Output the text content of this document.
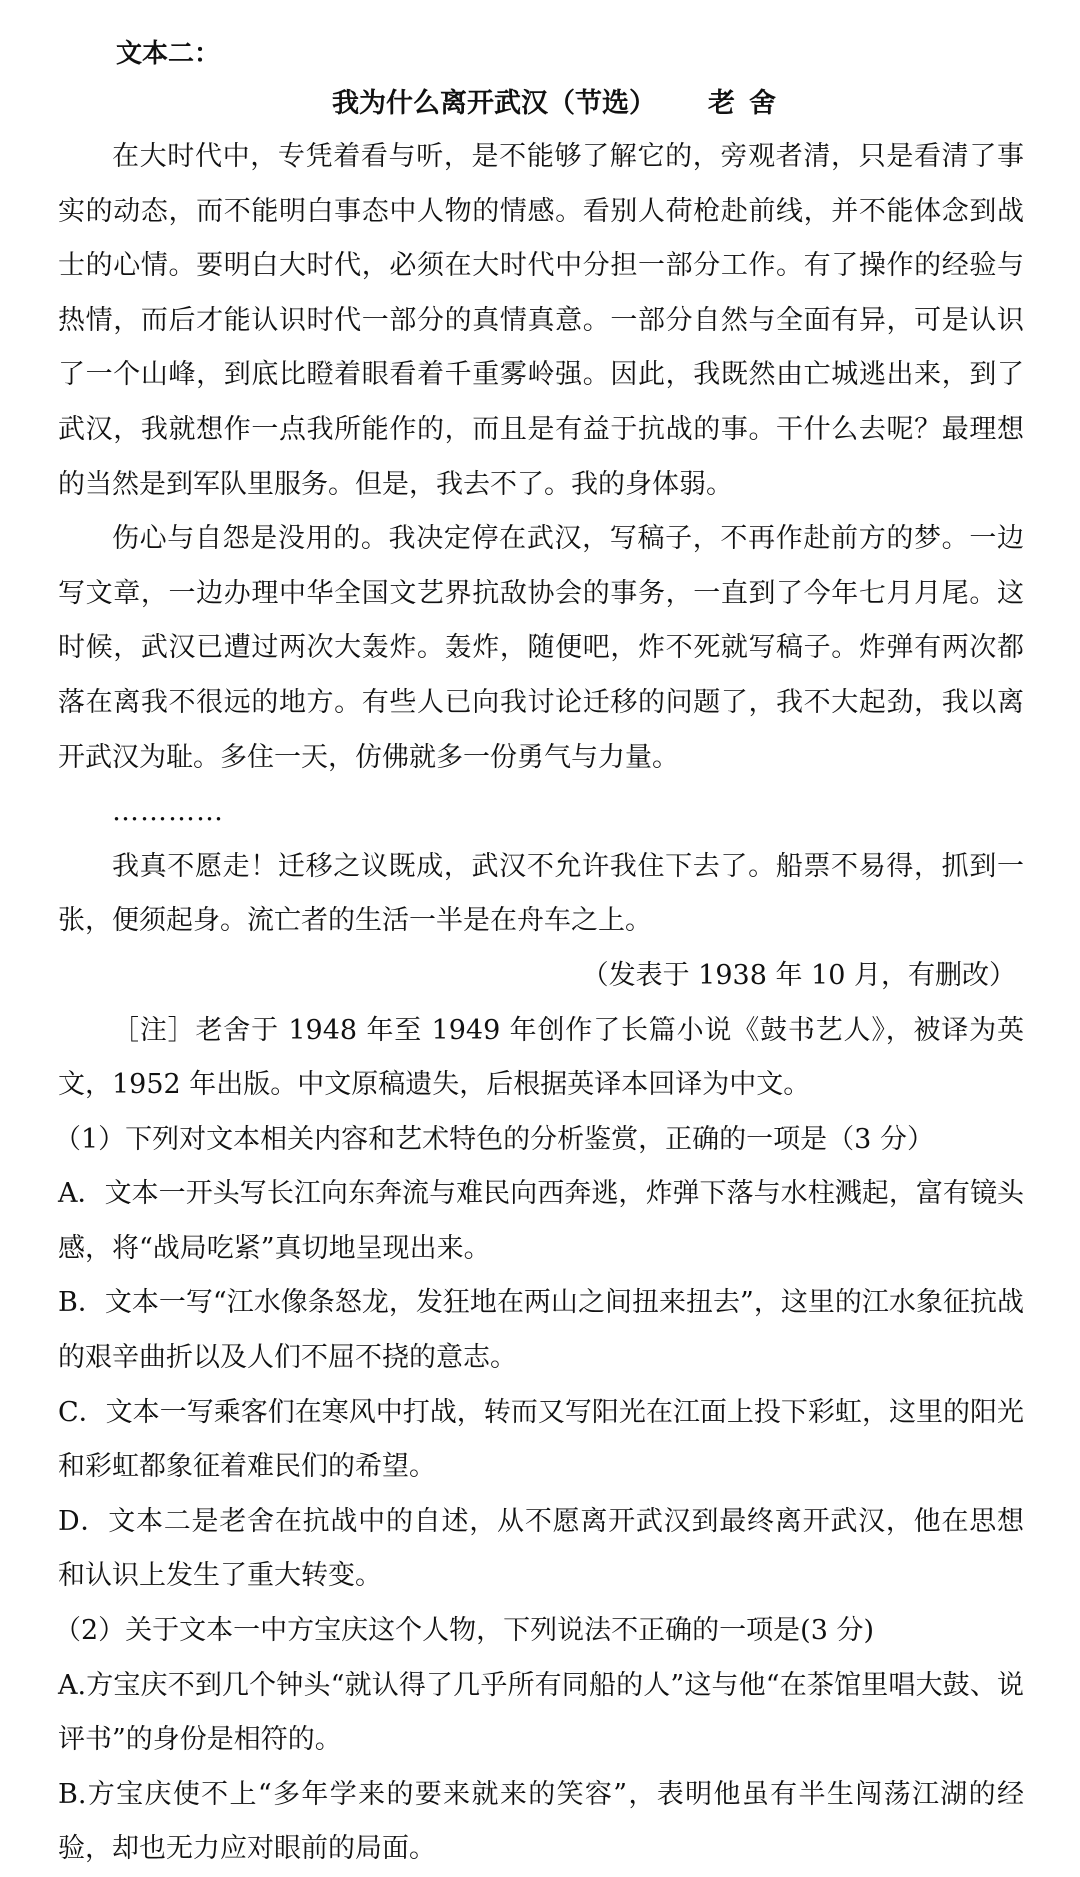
文本二：
我为什么离开武汉（节选） 老舍

在大时代中，专凭着看与听，是不能够了解它的，旁观者清，只是看清了事实的动态，而不能明白事态中人物的情感。看别人荷枪赴前线，并不能体念到战士的心情。要明白大时代，必须在大时代中分担一部分工作。有了操作的经验与热情，而后才能认识时代一部分的真情真意。一部分自然与全面有异，可是认识了一个山峰，到底比瞪着眼看着千重雾岭强。因此，我既然由亡城逃出来，到了武汉，我就想作一点我所能作的，而且是有益于抗战的事。干什么去呢？最理想的当然是到军队里服务。但是，我去不了。我的身体弱。

伤心与自怨是没用的。我决定停在武汉，写稿子，不再作赴前方的梦。一边写文章，一边办理中华全国文艺界抗敌协会的事务，一直到了今年七月月尾。这时候，武汉已遭过两次大轰炸。轰炸，随便吧，炸不死就写稿子。炸弹有两次都落在离我不很远的地方。有些人已向我讨论迁移的问题了，我不大起劲，我以离开武汉为耻。多住一天，仿佛就多一份勇气与力量。

…………

我真不愿走！迁移之议既成，武汉不允许我住下去了。船票不易得，抓到一张，便须起身。流亡者的生活一半是在舟车之上。

（发表于 1938 年 10 月，有删改）

［注］老舍于 1948 年至 1949 年创作了长篇小说《鼓书艺人》，被译为英文，1952 年出版。中文原稿遗失，后根据英译本回译为中文。

（1）下列对文本相关内容和艺术特色的分析鉴赏，正确的一项是（3 分）

A．文本一开头写长江向东奔流与难民向西奔逃，炸弹下落与水柱溅起，富有镜头感，将“战局吃紧”真切地呈现出来。

B．文本一写“江水像条怒龙，发狂地在两山之间扭来扭去”，这里的江水象征抗战的艰辛曲折以及人们不屈不挠的意志。

C．文本一写乘客们在寒风中打战，转而又写阳光在江面上投下彩虹，这里的阳光和彩虹都象征着难民们的希望。

D．文本二是老舍在抗战中的自述，从不愿离开武汉到最终离开武汉，他在思想和认识上发生了重大转变。

（2）关于文本一中方宝庆这个人物，下列说法不正确的一项是(3 分)

A.方宝庆不到几个钟头“就认得了几乎所有同船的人”这与他“在茶馆里唱大鼓、说评书”的身份是相符的。

B.方宝庆使不上“多年学来的要来就来的笑容”，表明他虽有半生闯荡江湖的经验，却也无力应对眼前的局面。
